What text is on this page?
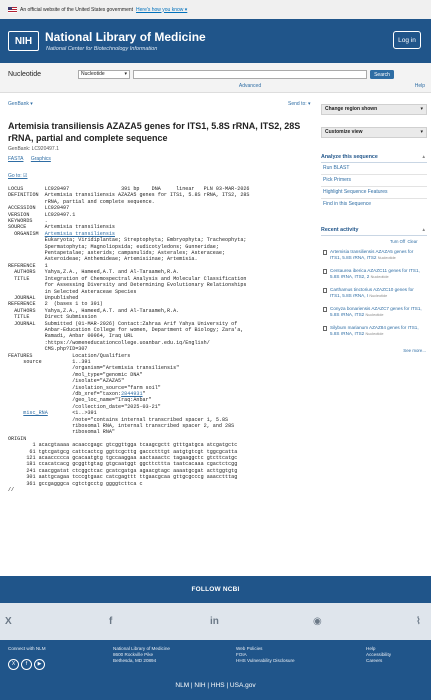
An official website of the United States government Here's how you know ▾
NIH	National Library of Medicine
National Center for Biotechnology Information
Log in
Nucleotide	Nucleotide	▾	Search
Advanced	Help
GenBank ▾	Send to: ▾
Artemisia transiliensis AZAZA5 genes for ITS1, 5.8S rRNA, ITS2, 28S rRNA, partial and complete sequence
GenBank: LC920497.1
FASTA Graphics
Go to: ☑
LOCUS       LC920497                 391 bp    DNA     linear   PLN 03-MAR-2026
DEFINITION  Artemisia transiliensis AZAZA5 genes for ITS1, 5.8S rRNA, ITS2, 28S
rRNA, partial and complete sequence.
ACCESSION   LC920497
VERSION     LC920497.1
KEYWORDS    .
SOURCE      Artemisia transiliensis
ORGANISM  Artemisia transiliensis
Eukaryota; Viridiplantae; Streptophyta; Embryophyta; Tracheophyta;
Spermatophyta; Magnoliopsida; eudicotyledons; Gunneridae;
Pentapetalae; asterids; campanulids; Asterales; Asteraceae;
Asteroideae; Anthemideae; Artemisiinae; Artemisia.
REFERENCE   1
AUTHORS   Yahya,Z.A., Hameed,A.T. and Al-Taraameh,R.A.
TITLE     Integration of Chemospectral Analysis and Molecular Classification
for Assessing Diversity and Determining Evolutionary Relationships
in Selected Asteraceae Species
JOURNAL   Unpublished
REFERENCE   2  (bases 1 to 391)
AUTHORS   Yahya,Z.A., Hameed,A.T. and Al-Taraameh,R.A.
TITLE     Direct Submission
JOURNAL   Submitted (01-MAR-2026) Contact:Zahraa Arif Yahya University of
Anbar-Education College for women, Department of Biology; Zara'a,
Ramadi, Anbar 00964, Iraq URL
:https://womeneducationcollege.uoanbar.edu.iq/English/
CMS.php?ID=307
FEATURES             Location/Qualifiers
source          1..391
/organism="Artemisia transiliensis"
/mol_type="genomic DNA"
/isolate="AZAZA5"
/isolation_source="farm soil"
/db_xref="taxon:2844931"
/geo_loc_name="Iraq:Anbar"
/collection_date="2025-03-21"
misc_RNA	<1..>391
/note="contains internal transcribed spacer 1, 5.8S
ribosomal RNA, internal transcribed spacer 2, and 28S
ribosomal RNA"
ORIGIN
1 acacgtaaaa acaaccgagc gtcggttgga tcaagcgctt gtttgatgca atcgatgctc
61 tgtcgatgcg cattcactcg ggttcgcttg gaccctttgt aatgtgtcgt tggcgcatta
121 acaaccccca gcacaatgtg tgccaaggaa aactaaactc tagaaggctc gtcttcatgc
181 ccacatcacg gcggttgtag gtgcaatggt ggcttcttta taatcacaaa cgactctcgg
241 caacggatat ctcggctcac gcatcgatga agaacgtagc aaaatgcgat acttggtgtg
301 aattgcagaa tcccgtgaac catcgagttt ttgaacgcaa gttgcgcccg aaacctttag
361 gccgagggca cgtctgcctg ggggtcttca c
//
Change region shown	▾
Customize view	▾
Analyze this sequence	▴
Run BLAST
Pick Primers
Highlight Sequence Features
Find in this Sequence
Recent activity	▴
Turn Off Clear
Artemisia transiliensis AZAZA5 genes for ITS1, 5.8S rRNA, ITS2 Nucleotide
Centaurea iberica AZAZC11 genes for ITS1, 5.8S rRNA, ITS2, 2 Nucleotide
Carthamus tinctorius AZAZC10 genes for ITS1, 5.8S rRNA, I Nucleotide
Conyza bonariensis AZAZC7 genes for ITS1, 5.8S rRNA, ITS2 Nucleotide
Silybum marianum AZAZ84 genes for ITS1, 5.8S rRNA, ITS2 Nucleotide
See more...
FOLLOW NCBI
X	f	in	◉	⌇
Connect with NLM
X f ▶
National Library of Medicine
8600 Rockville Pike
Bethesda, MD 20894
Web Policies
FOIA
HHS Vulnerability Disclosure
Help
Accessibility
Careers
NLM | NIH | HHS | USA.gov
